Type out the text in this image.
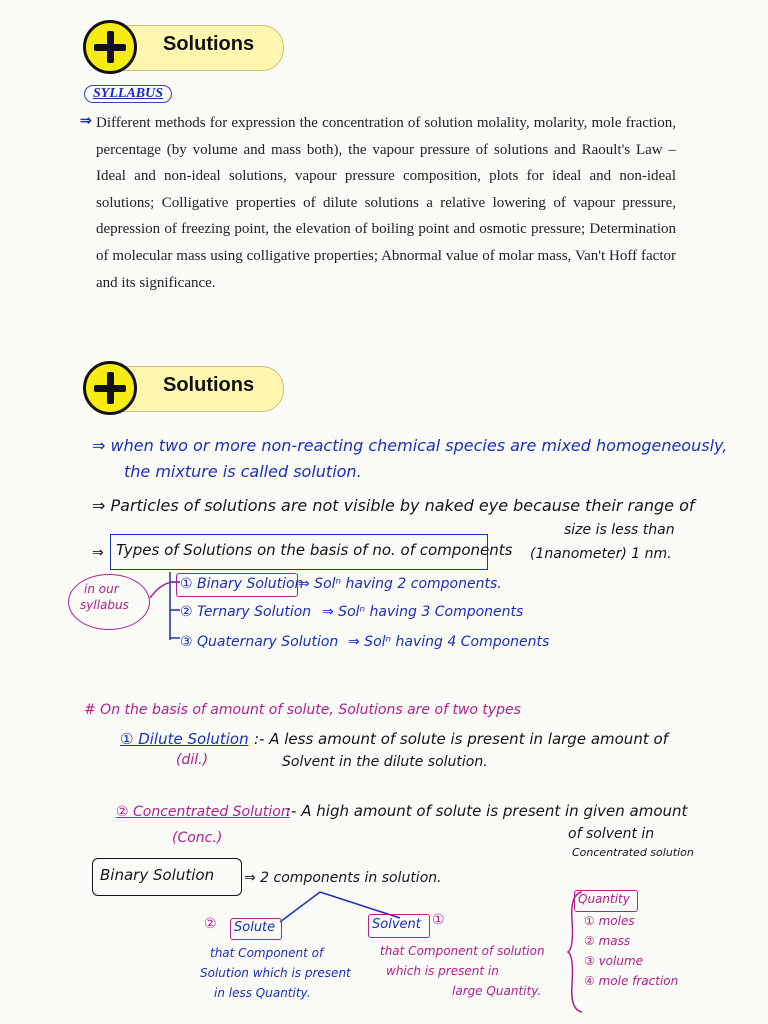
Solutions
SYLLABUS
⇒ Different methods for expression the concentration of solution molality, molarity, mole fraction, percentage (by volume and mass both), the vapour pressure of solutions and Raoult's Law – Ideal and non-ideal solutions, vapour pressure composition, plots for ideal and non-ideal solutions; Colligative properties of dilute solutions a relative lowering of vapour pressure, depression of freezing point, the elevation of boiling point and osmotic pressure; Determination of molecular mass using colligative properties; Abnormal value of molar mass, Van't Hoff factor and its significance.
Solutions
⇒ when two or more non-reacting chemical species are mixed homogeneously,
the mixture is called solution.
⇒ Particles of solutions are not visible by naked eye because their range of
size is less than
(1nanometer) 1 nm.
⇒ Types of Solutions on the basis of no. of components
in our
syllabus
① Binary Solution
⇒ Solⁿ having 2 components.
② Ternary Solution ⇒ Solⁿ having 3 Components
③ Quaternary Solution ⇒ Solⁿ having 4 Components
# On the basis of amount of solute, Solutions are of two types
① Dilute Solution
(dil.)
:- A less amount of solute is present in large amount of
Solvent in the dilute solution.
② Concentrated Solution
(Conc.)
:- A high amount of solute is present in given amount
of solvent in
Concentrated solution
Binary Solution ⇒ 2 components in solution.
② Solute	Solvent ①
that Component of
Solution which is present
in less Quantity.
that Component of solution
which is present in
large Quantity.
Quantity
① moles
② mass
③ volume
④ mole fraction
